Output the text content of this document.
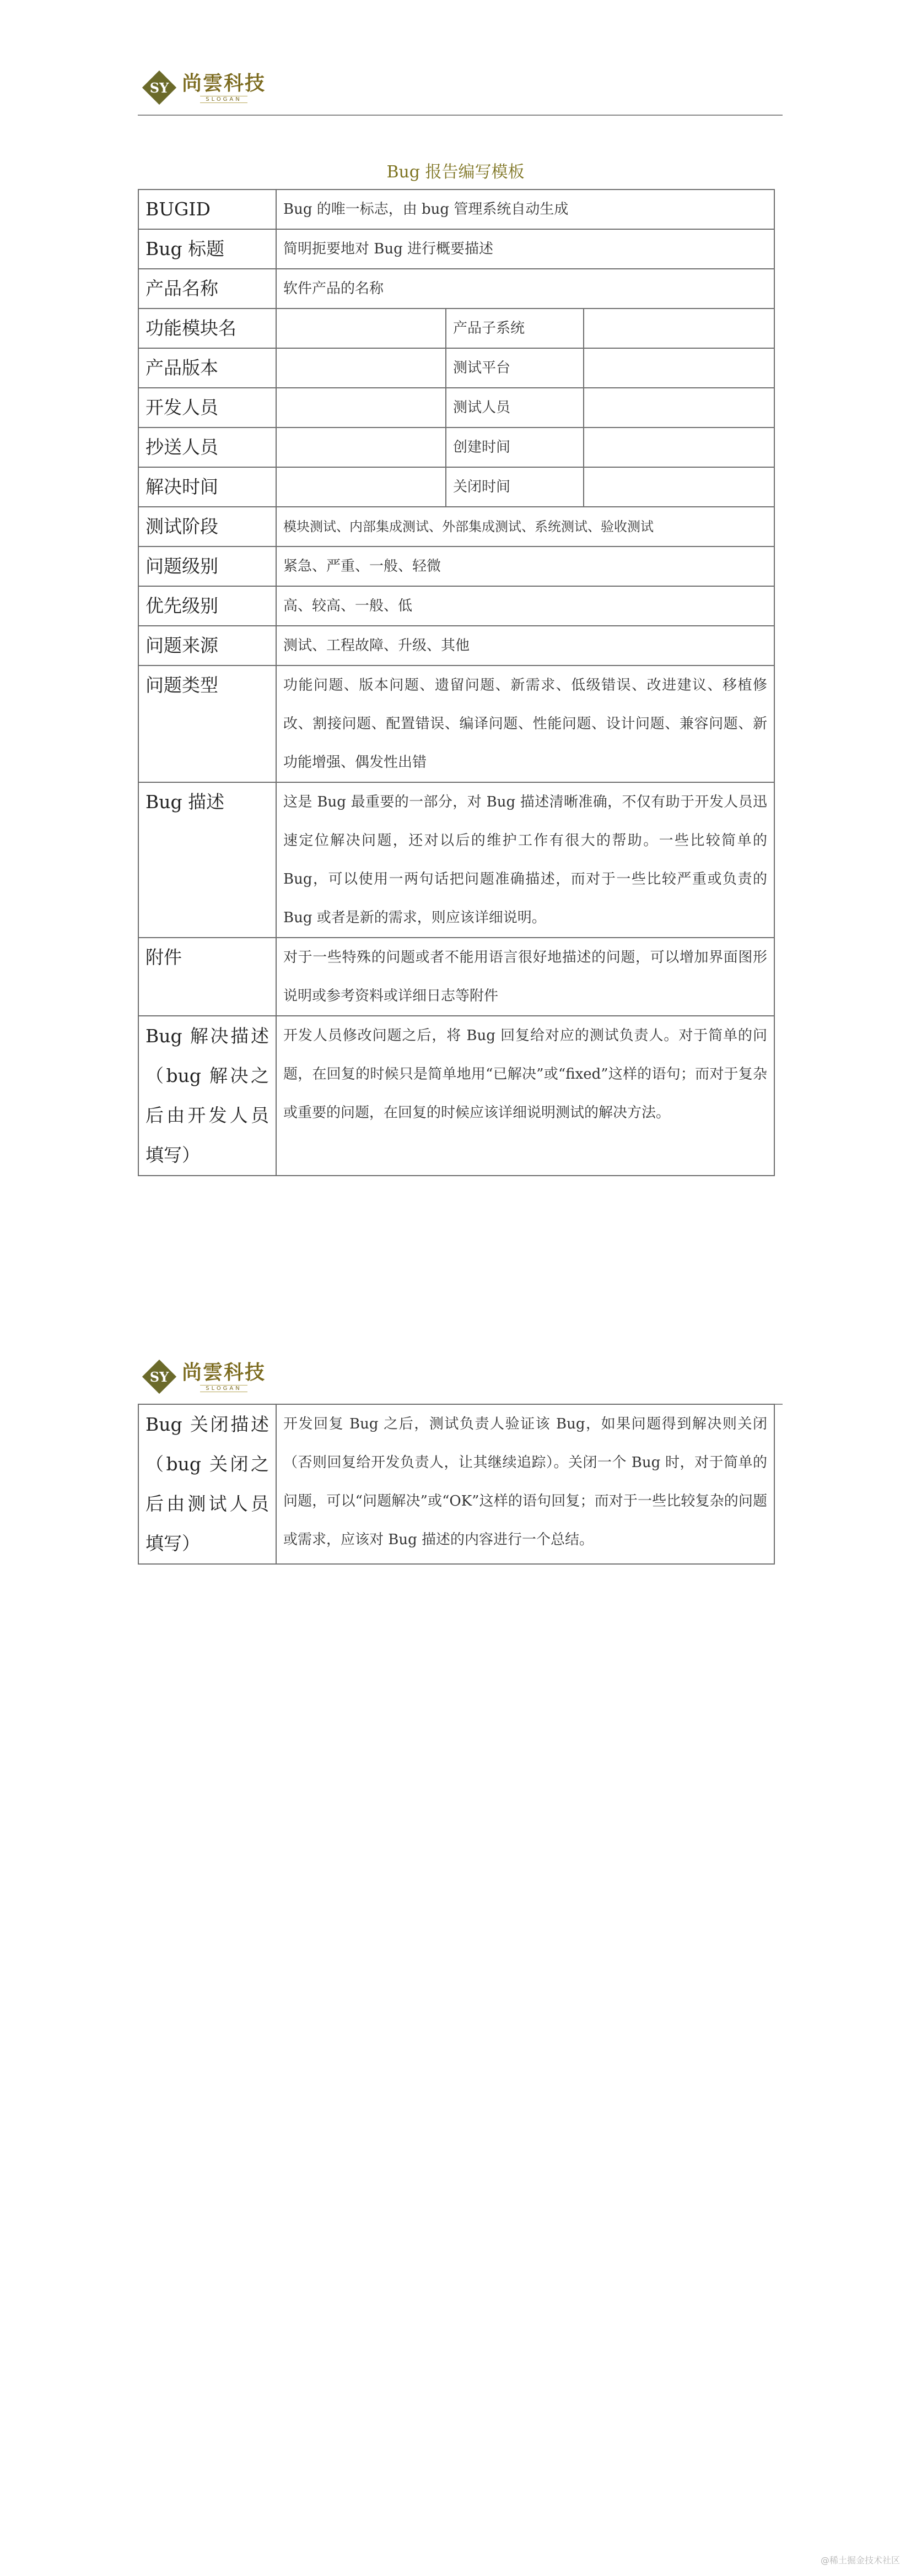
SY 尚雲科技
SLOGAN
Bug 报告编写模板
BUGID	Bug 的唯一标志，由 bug 管理系统自动生成		
Bug 标题	简明扼要地对 Bug 进行概要描述		
产品名称	软件产品的名称		
功能模块名		产品子系统	
产品版本		测试平台	
开发人员		测试人员	
抄送人员		创建时间	
解决时间		关闭时间	
测试阶段	模块测试、内部集成测试、外部集成测试、系统测试、验收测试		
问题级别	紧急、严重、一般、轻微		
优先级别	高、较高、一般、低		
问题来源	测试、工程故障、升级、其他		
问题类型	功能问题、版本问题、遗留问题、新需求、低级错误、改进建议、移植修改、割接问题、配置错误、编译问题、性能问题、设计问题、兼容问题、新功能增强、偶发性出错		
Bug 描述	这是 Bug 最重要的一部分，对 Bug 描述清晰准确，不仅有助于开发人员迅速定位解决问题，还对以后的维护工作有很大的帮助。一些比较简单的 Bug，可以使用一两句话把问题准确描述，而对于一些比较严重或负责的 Bug 或者是新的需求，则应该详细说明。		
附件	对于一些特殊的问题或者不能用语言很好地描述的问题，可以增加界面图形说明或参考资料或详细日志等附件		
Bug 解决描述（bug 解决之后由开发人员填写）	开发人员修改问题之后，将 Bug 回复给对应的测试负责人。对于简单的问题，在回复的时候只是简单地用“已解决”或“fixed”这样的语句；而对于复杂或重要的问题，在回复的时候应该详细说明测试的解决方法。		
SY 尚雲科技
SLOGAN
Bug 关闭描述（bug 关闭之后由测试人员填写）	开发回复 Bug 之后，测试负责人验证该 Bug，如果问题得到解决则关闭（否则回复给开发负责人，让其继续追踪）。关闭一个 Bug 时，对于简单的问题，可以“问题解决”或“OK”这样的语句回复；而对于一些比较复杂的问题或需求，应该对 Bug 描述的内容进行一个总结。
@稀土掘金技术社区
